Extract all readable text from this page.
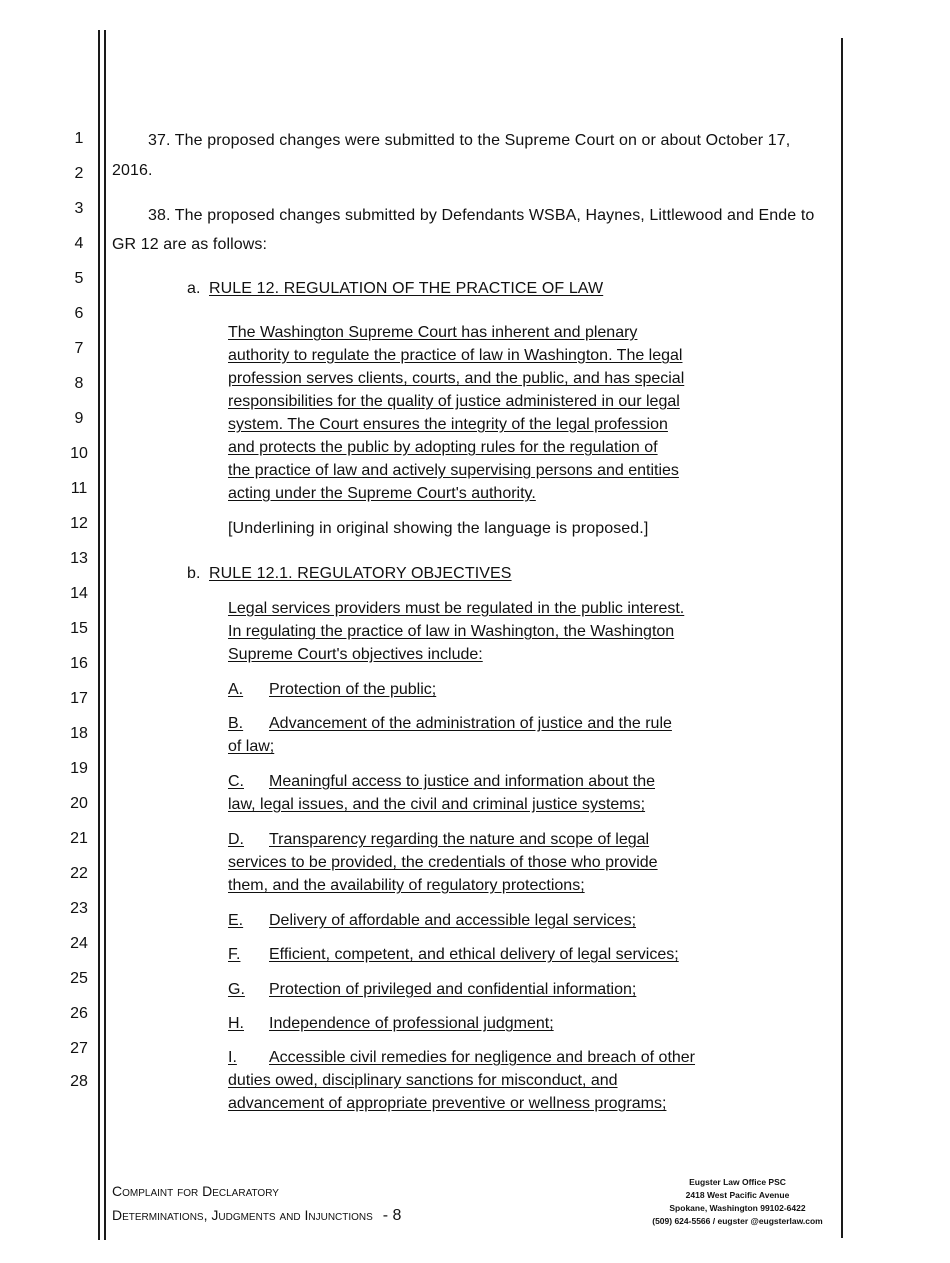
1
2
3
4
5
6
7
8
9
10
11
12
13
14
15
16
17
18
19
20
21
22
23
24
25
26
27
28
37. The proposed changes were submitted to the Supreme Court on or about October 17,
2016.
38. The proposed changes submitted by Defendants WSBA, Haynes, Littlewood and Ende to
GR 12 are as follows:
a. RULE 12. REGULATION OF THE PRACTICE OF LAW
The Washington Supreme Court has inherent and plenary
authority to regulate the practice of law in Washington. The legal
profession serves clients, courts, and the public, and has special
responsibilities for the quality of justice administered in our legal
system. The Court ensures the integrity of the legal profession
and protects the public by adopting rules for the regulation of
the practice of law and actively supervising persons and entities
acting under the Supreme Court's authority.
[Underlining in original showing the language is proposed.]
b. RULE 12.1. REGULATORY OBJECTIVES
Legal services providers must be regulated in the public interest.
In regulating the practice of law in Washington, the Washington
Supreme Court's objectives include:
A. Protection of the public;
B. Advancement of the administration of justice and the rule
of law;
C. Meaningful access to justice and information about the
law, legal issues, and the civil and criminal justice systems;
D. Transparency regarding the nature and scope of legal
services to be provided, the credentials of those who provide
them, and the availability of regulatory protections;
E. Delivery of affordable and accessible legal services;
F. Efficient, competent, and ethical delivery of legal services;
G. Protection of privileged and confidential information;
H. Independence of professional judgment;
I. Accessible civil remedies for negligence and breach of other
duties owed, disciplinary sanctions for misconduct, and
advancement of appropriate preventive or wellness programs;
Complaint for Declaratory
Determinations, Judgments and Injunctions - 8
Eugster Law Office PSC
2418 West Pacific Avenue
Spokane, Washington 99102-6422
(509) 624-5566 / eugster @eugsterlaw.com
